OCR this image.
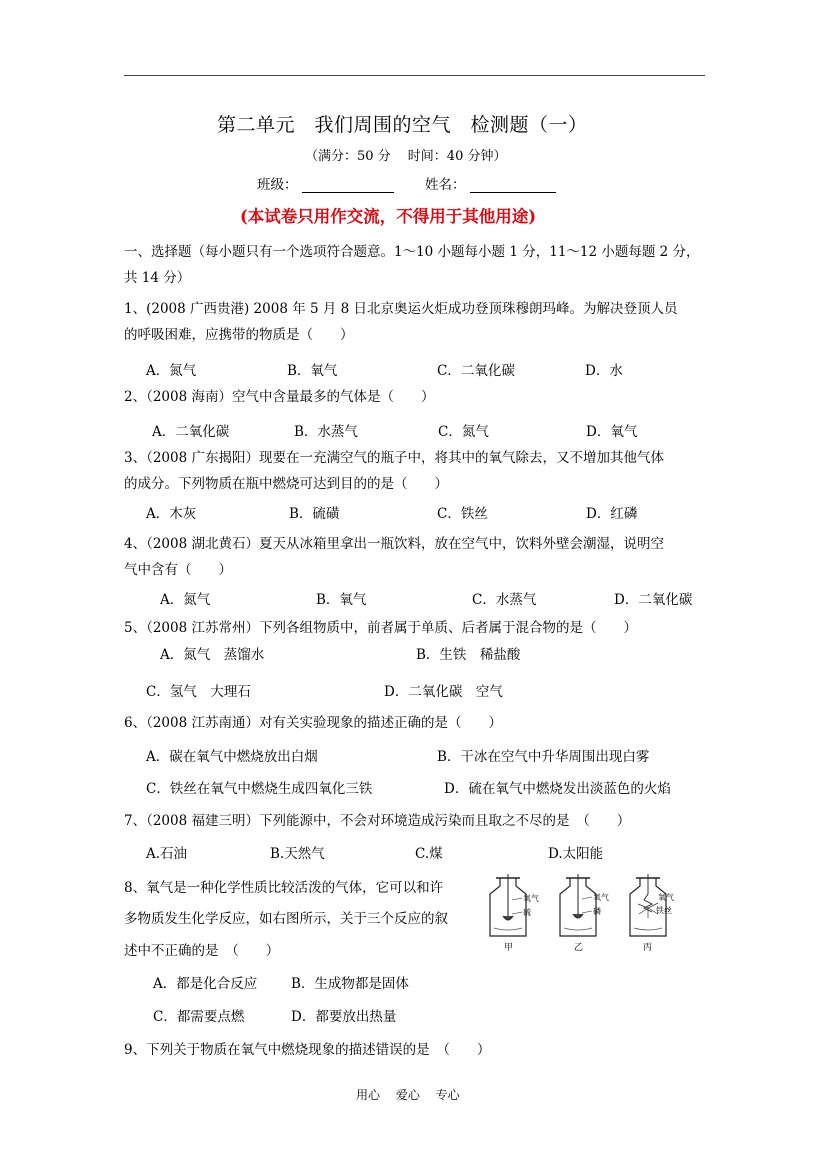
第二单元　我们周围的空气　检测题（一）
（满分：50 分　 时间：40 分钟）
班级：	姓名：
(本试卷只用作交流，不得用于其他用途)
一、选择题（每小题只有一个选项符合题意。1～10 小题每小题 1 分，11～12 小题每题 2 分，
共 14 分）
1、(2008 广西贵港) 2008 年 5 月 8 日北京奥运火炬成功登顶珠穆朗玛峰。为解决登顶人员
的呼吸困难，应携带的物质是（　　）
A．氮气	B．氧气	C．二氧化碳	D．水
2、（2008 海南）空气中含量最多的气体是（　　）
A．二氧化碳	B．水蒸气	C．氮气	D．氧气
3、（2008 广东揭阳）现要在一充满空气的瓶子中，将其中的氧气除去，又不增加其他气体
的成分。下列物质在瓶中燃烧可达到目的的是（　　）
A．木灰	B．硫磺	C．铁丝	D．红磷
4、（2008 湖北黄石）夏天从冰箱里拿出一瓶饮料，放在空气中，饮料外壁会潮湿，说明空
气中含有（　　）
A．氮气	B．氧气	C．水蒸气	D．二氧化碳
5、（2008 江苏常州）下列各组物质中，前者属于单质、后者属于混合物的是（　　）
A．氮气　蒸馏水	B．生铁　稀盐酸
C．氢气　大理石	D．二氧化碳　空气
6、（2008 江苏南通）对有关实验现象的描述正确的是（　　）
A．碳在氧气中燃烧放出白烟	B．干冰在空气中升华周围出现白雾
C．铁丝在氧气中燃烧生成四氧化三铁	D．硫在氧气中燃烧发出淡蓝色的火焰
7、（2008 福建三明）下列能源中，不会对环境造成污染而且取之不尽的是　（　　）
A.石油	B.天然气	C.煤	D.太阳能
8、氧气是一种化学性质比较活泼的气体，它可以和许
多物质发生化学反应，如右图所示，关于三个反应的叙
述中不正确的是　（　　）
A．都是化合反应	B．生成物都是固体
C．都需要点燃	D．都要放出热量
9、下列关于物质在氧气中燃烧现象的描述错误的是　（　　）
氧气
硫
甲
氧气
磷
乙
氧气
铁丝
丙
用心　 爱心　 专心
